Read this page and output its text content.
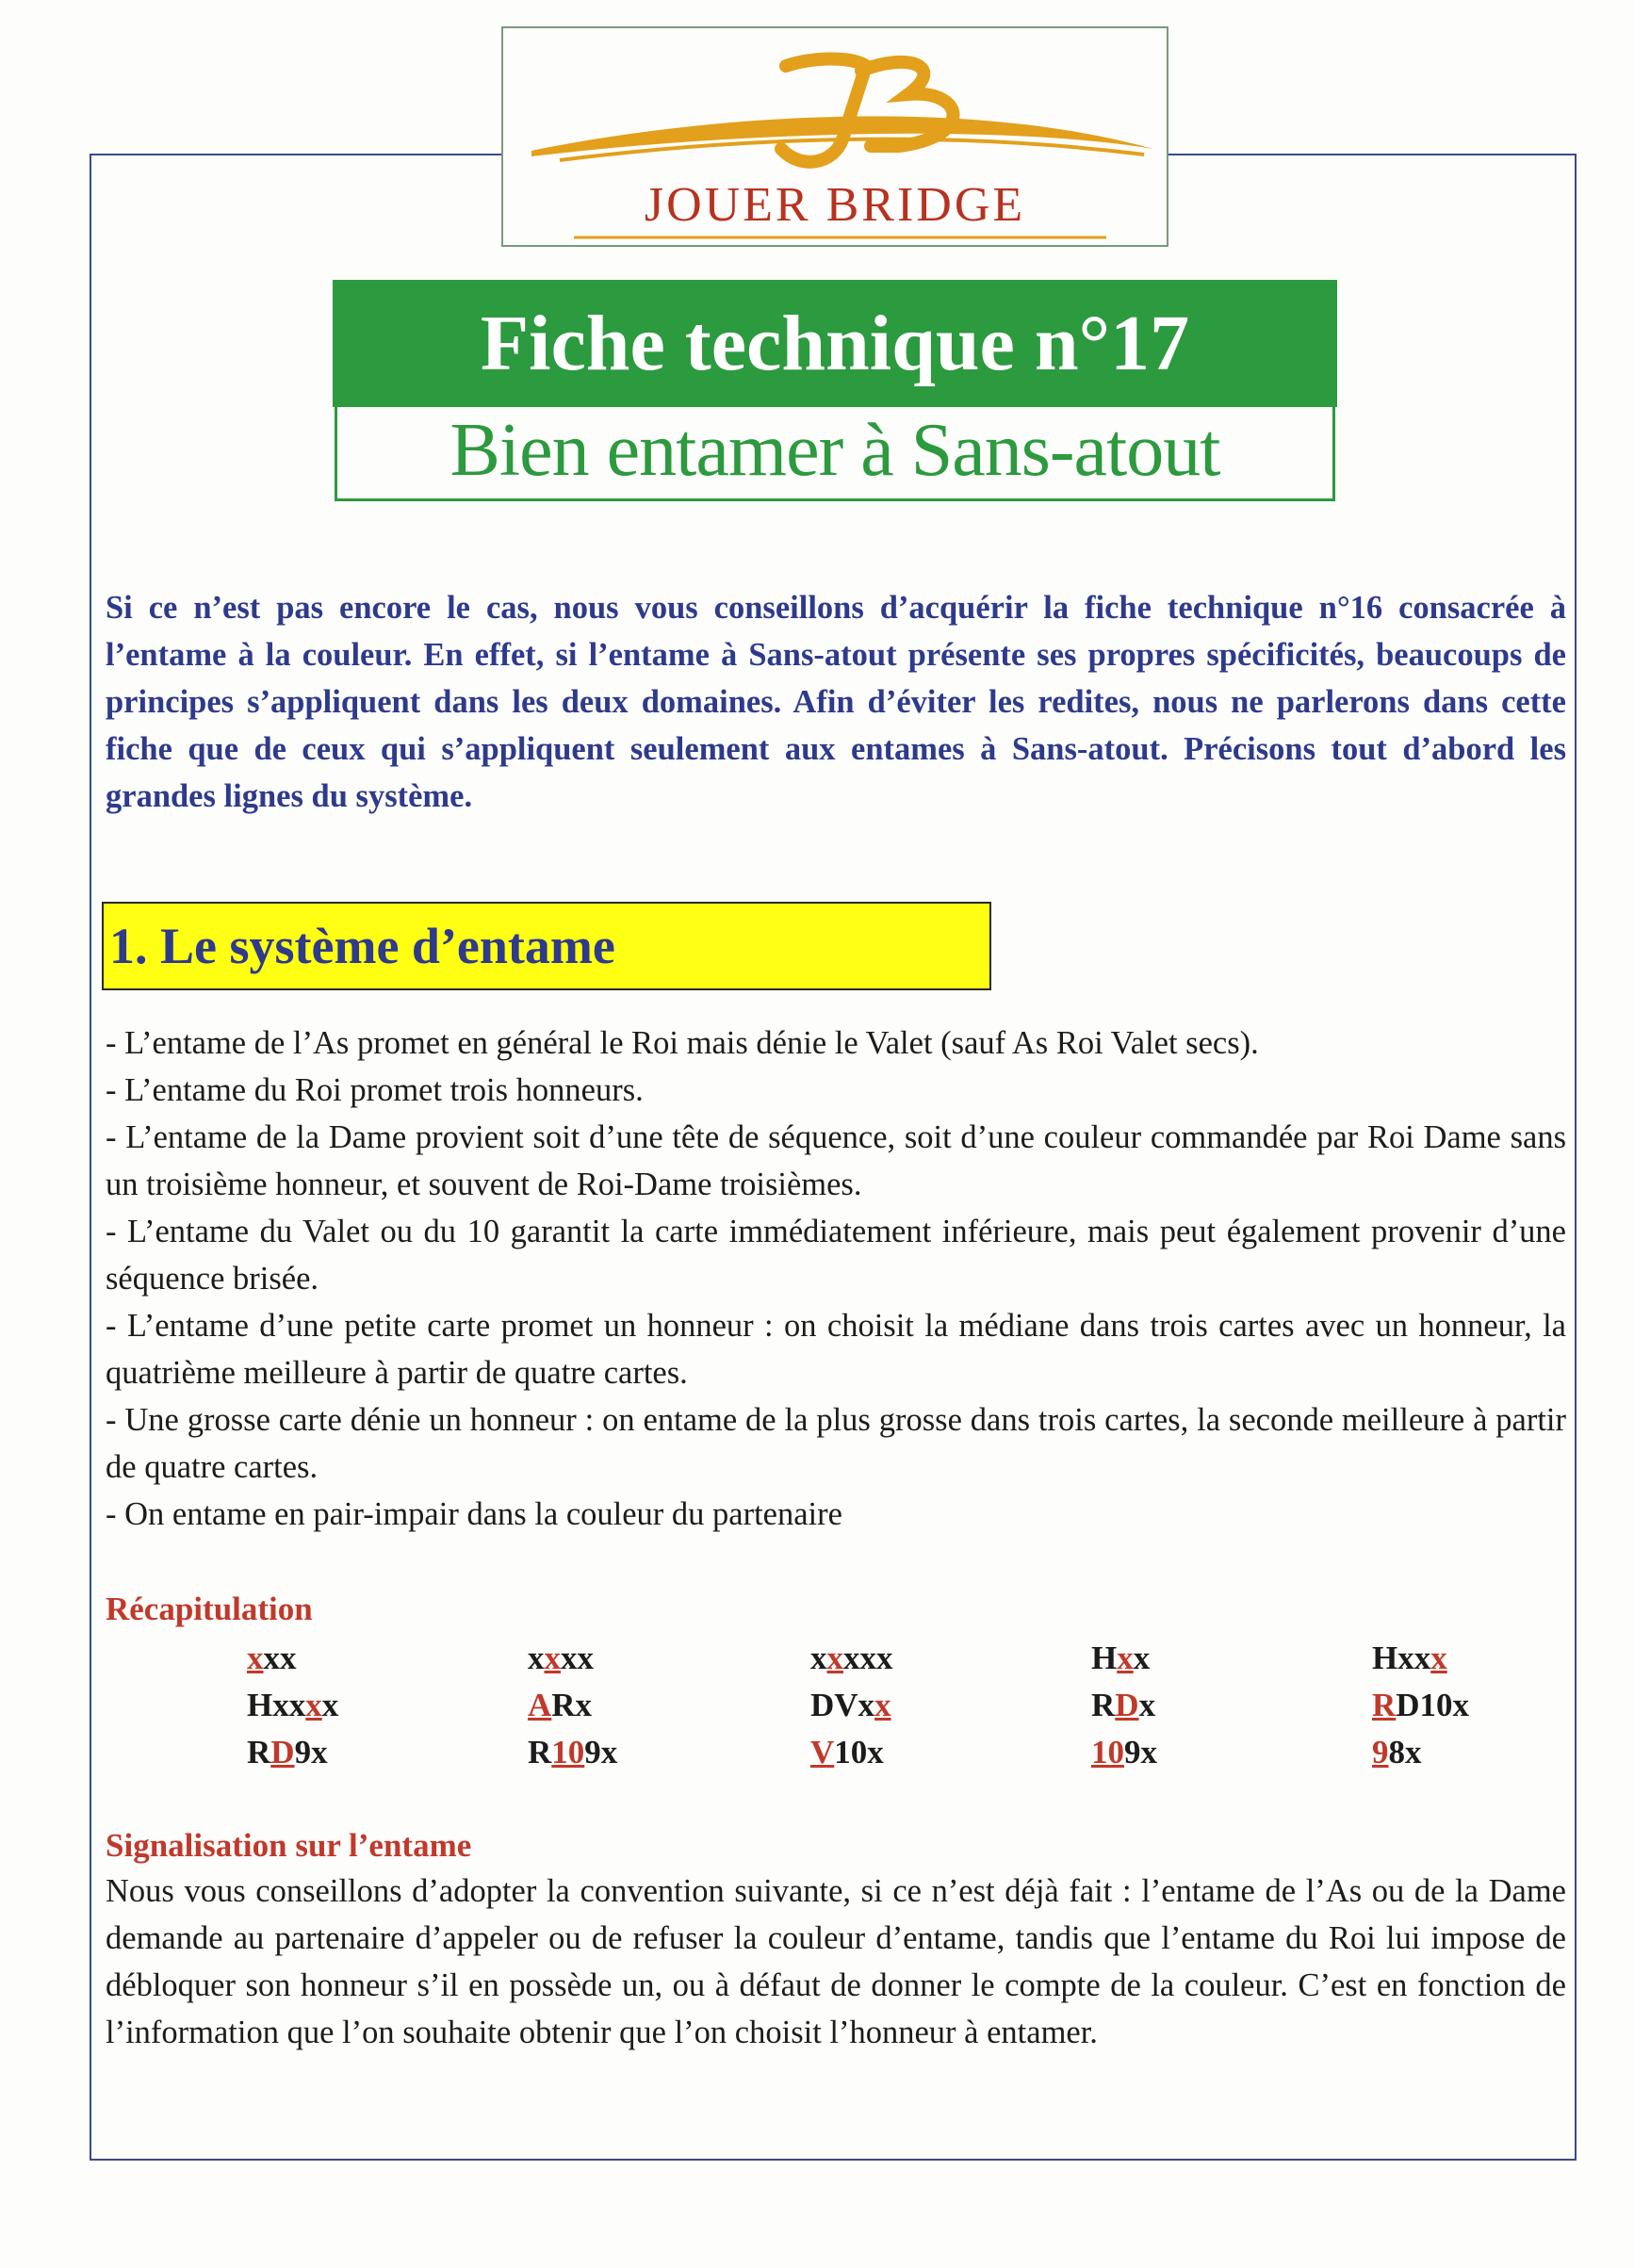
JOUER BRIDGE
Fiche technique n°17
Bien entamer à Sans-atout
Si ce n’est pas encore le cas, nous vous conseillons d’acquérir la fiche technique n°16 consacrée à l’entame à la couleur. En effet, si l’entame à Sans-atout présente ses propres spécificités, beaucoups de principes s’appliquent dans les deux domaines. Afin d’éviter les redites, nous ne parlerons dans cette fiche que de ceux qui s’appliquent seulement aux entames à Sans-atout. Précisons tout d’abord les grandes lignes du système.
1. Le système d’entame
- L’entame de l’As promet en général le Roi mais dénie le Valet (sauf As Roi Valet secs).
- L’entame du Roi promet trois honneurs.
- L’entame de la Dame provient soit d’une tête de séquence, soit d’une couleur commandée par Roi Dame sans un troisième honneur, et souvent de Roi-Dame troisièmes.
- L’entame du Valet ou du 10 garantit la carte immédiatement inférieure, mais peut également provenir d’une séquence brisée.
- L’entame d’une petite carte promet un honneur : on choisit la médiane dans trois cartes avec un honneur, la quatrième meilleure à partir de quatre cartes.
- Une grosse carte dénie un honneur : on entame de la plus grosse dans trois cartes, la seconde meilleure à partir de quatre cartes.
- On entame en pair-impair dans la couleur du partenaire
Récapitulation
xxx	xxxx	xxxxx	Hxx	Hxxx
Hxxxx	ARx	DVxx	RDx	RD10x
RD9x	R109x	V10x	109x	98x
Signalisation sur l’entame
Nous vous conseillons d’adopter la convention suivante, si ce n’est déjà fait : l’entame de l’As ou de la Dame demande au partenaire d’appeler ou de refuser la couleur d’entame, tandis que l’entame du Roi lui impose de débloquer son honneur s’il en possède un, ou à défaut de donner le compte de la couleur. C’est en fonction de l’information que l’on souhaite obtenir que l’on choisit l’honneur à entamer.
